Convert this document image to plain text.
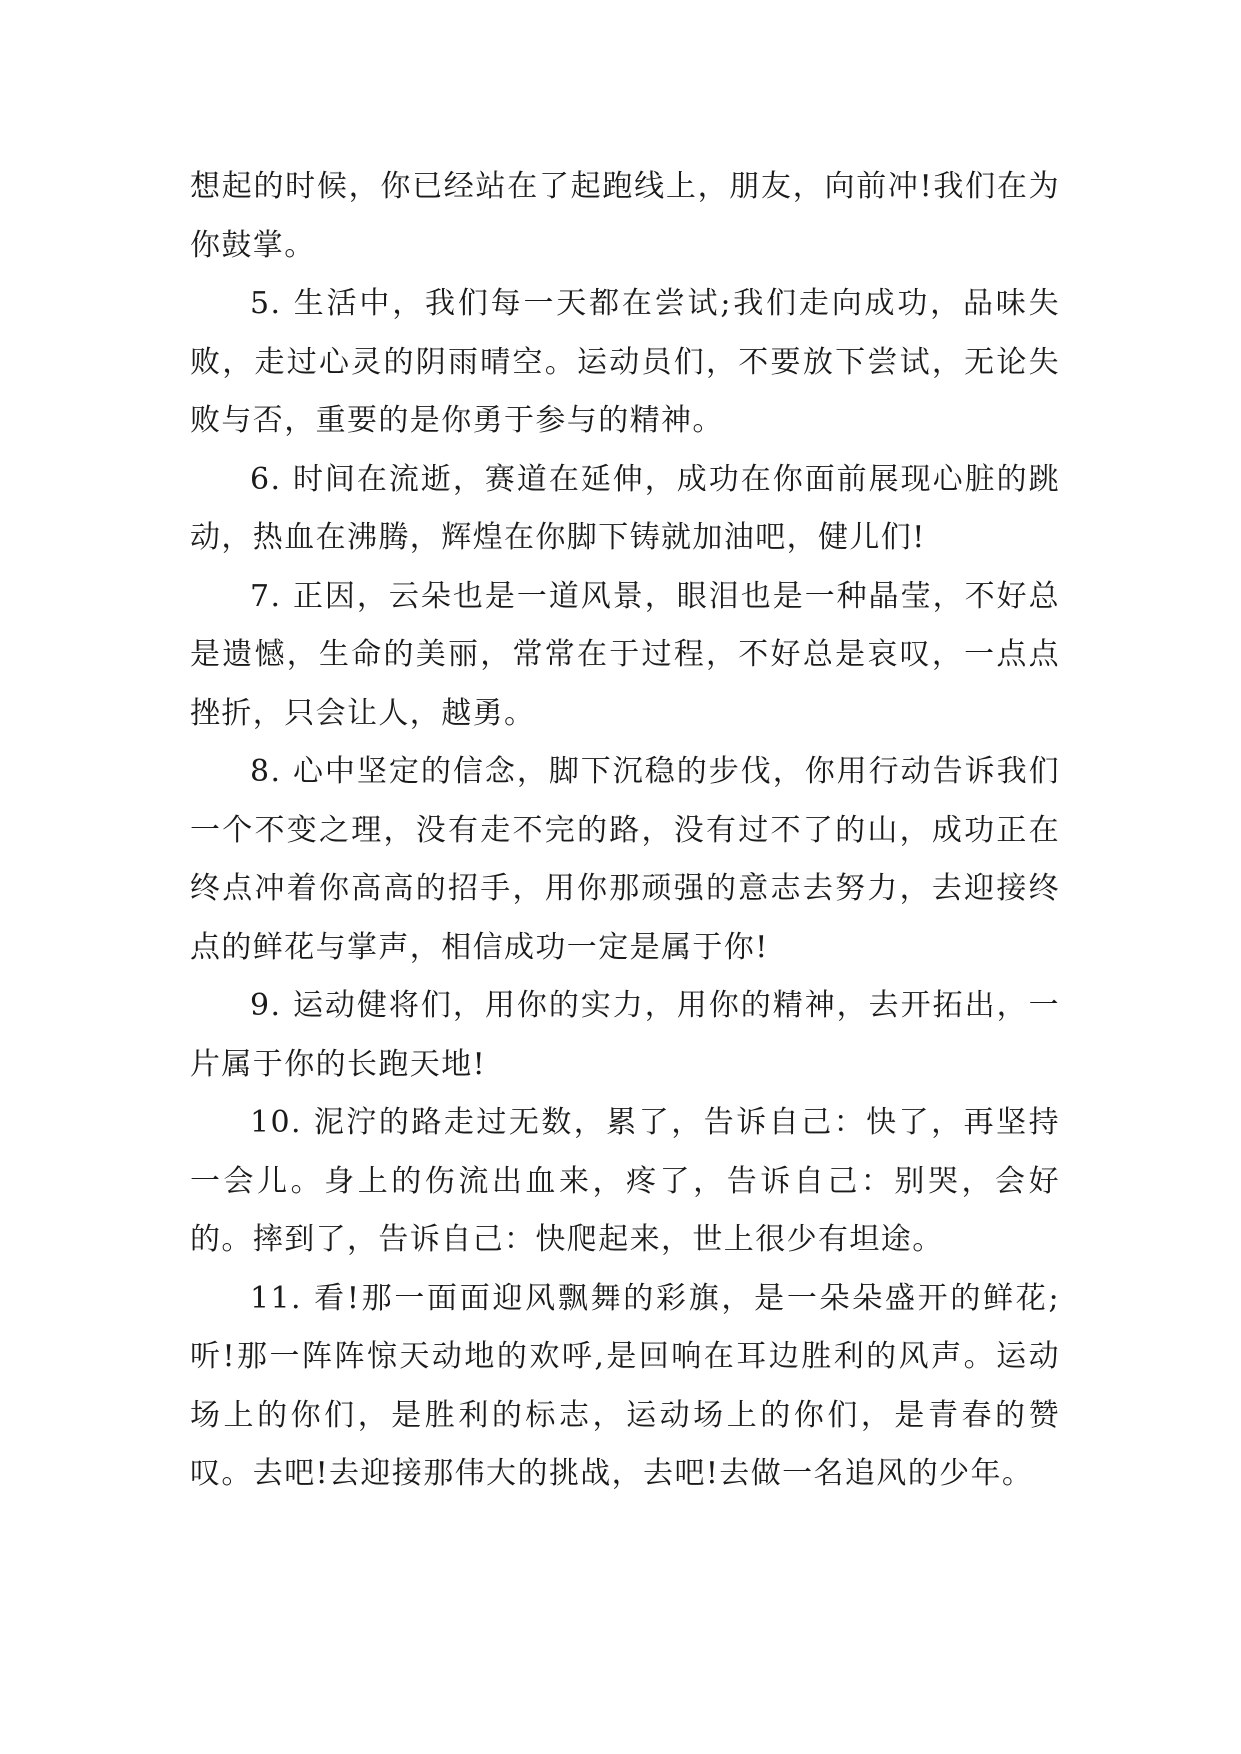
想起的时候，你已经站在了起跑线上，朋友，向前冲!我们在为你鼓掌。

5. 生活中，我们每一天都在尝试;我们走向成功，品味失败，走过心灵的阴雨晴空。运动员们，不要放下尝试，无论失败与否，重要的是你勇于参与的精神。

6. 时间在流逝，赛道在延伸，成功在你面前展现心脏的跳动，热血在沸腾，辉煌在你脚下铸就加油吧，健儿们!

7. 正因，云朵也是一道风景，眼泪也是一种晶莹，不好总是遗憾，生命的美丽，常常在于过程，不好总是哀叹，一点点挫折，只会让人，越勇。

8. 心中坚定的信念，脚下沉稳的步伐，你用行动告诉我们一个不变之理，没有走不完的路，没有过不了的山，成功正在终点冲着你高高的招手，用你那顽强的意志去努力，去迎接终点的鲜花与掌声，相信成功一定是属于你!

9. 运动健将们，用你的实力，用你的精神，去开拓出，一片属于你的长跑天地!

10. 泥泞的路走过无数，累了，告诉自己：快了，再坚持一会儿。身上的伤流出血来，疼了，告诉自己：别哭，会好的。摔到了，告诉自己：快爬起来，世上很少有坦途。

11. 看!那一面面迎风飘舞的彩旗，是一朵朵盛开的鲜花;听!那一阵阵惊天动地的欢呼,是回响在耳边胜利的风声。运动场上的你们，是胜利的标志，运动场上的你们，是青春的赞叹。去吧!去迎接那伟大的挑战，去吧!去做一名追风的少年。
